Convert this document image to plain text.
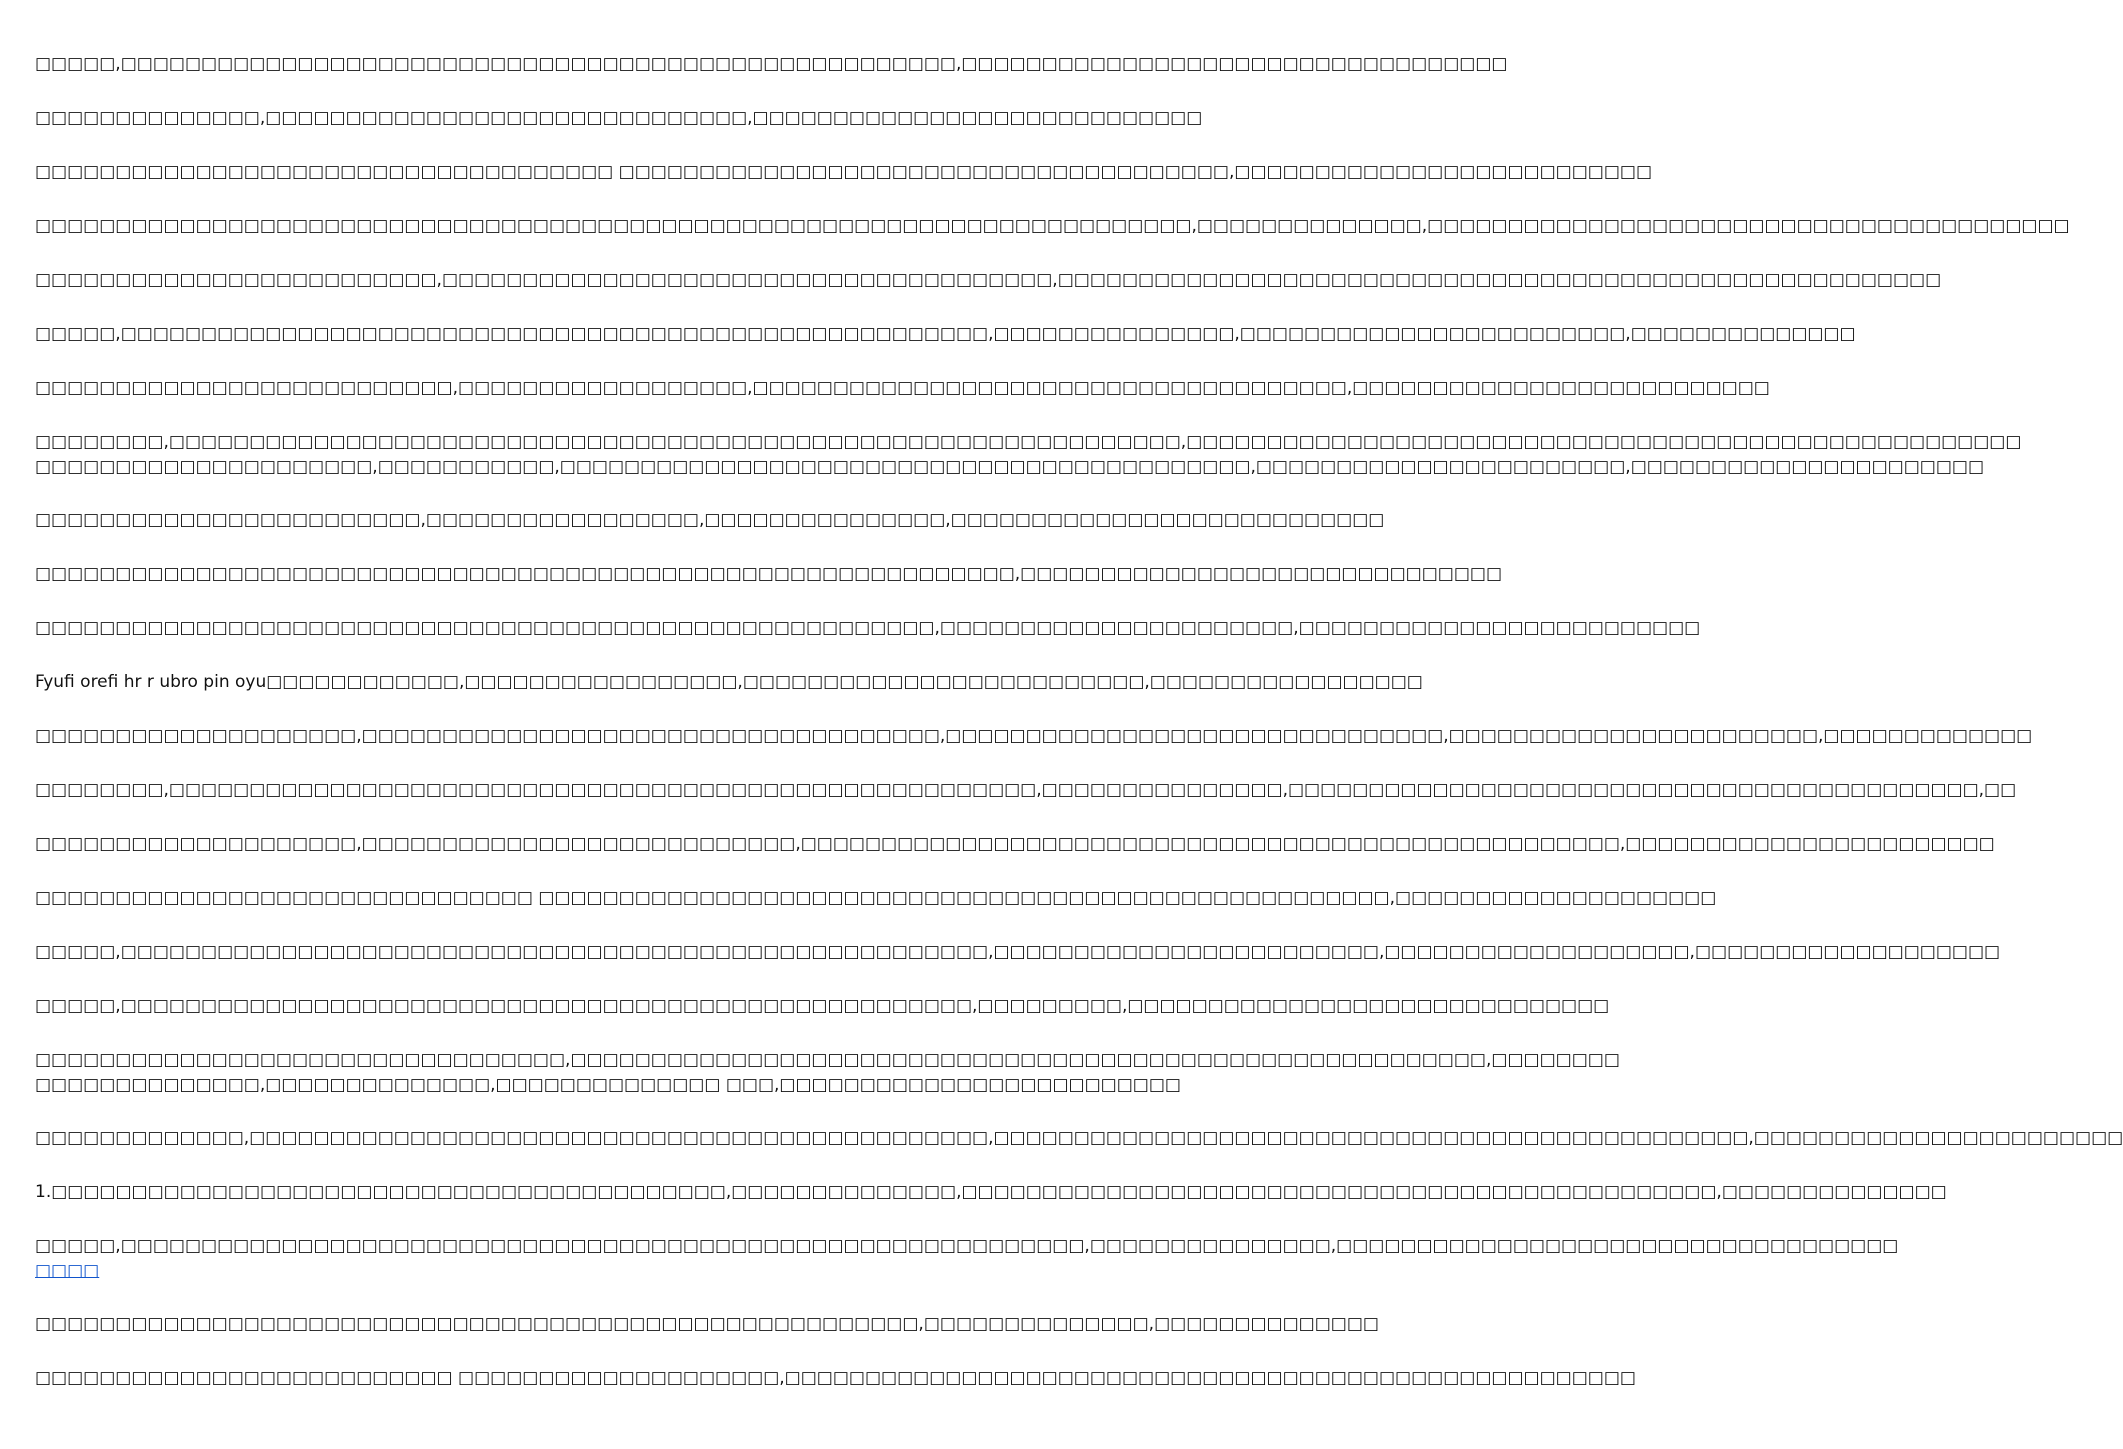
□□□□□,□□□□□□□□□□□□□□□□□□□□□□□□□□□□□□□□□□□□□□□□□□□□□□□□□□□□,□□□□□□□□□□□□□□□□□□□□□□□□□□□□□□□□□□

□□□□□□□□□□□□□□,□□□□□□□□□□□□□□□□□□□□□□□□□□□□□□,□□□□□□□□□□□□□□□□□□□□□□□□□□□□

□□□□□□□□□□□□□□□□□□□□□□□□□□□□□□□□□□□□ □□□□□□□□□□□□□□□□□□□□□□□□□□□□□□□□□□□□□□,□□□□□□□□□□□□□□□□□□□□□□□□□□

□□□□□□□□□□□□□□□□□□□□□□□□□□□□□□□□□□□□□□□□□□□□□□□□□□□□□□□□□□□□□□□□□□□□□□□□,□□□□□□□□□□□□□□,□□□□□□□□□□□□□□□□□□□□□□□□□□□□□□□□□□□□□□□□

□□□□□□□□□□□□□□□□□□□□□□□□□,□□□□□□□□□□□□□□□□□□□□□□□□□□□□□□□□□□□□□□,□□□□□□□□□□□□□□□□□□□□□□□□□□□□□□□□□□□□□□□□□□□□□□□□□□□□□□□

□□□□□,□□□□□□□□□□□□□□□□□□□□□□□□□□□□□□□□□□□□□□□□□□□□□□□□□□□□□□,□□□□□□□□□□□□□□□,□□□□□□□□□□□□□□□□□□□□□□□□,□□□□□□□□□□□□□□

□□□□□□□□□□□□□□□□□□□□□□□□□□,□□□□□□□□□□□□□□□□□□,□□□□□□□□□□□□□□□□□□□□□□□□□□□□□□□□□□□□□,□□□□□□□□□□□□□□□□□□□□□□□□□□

□□□□□□□□,□□□□□□□□□□□□□□□□□□□□□□□□□□□□□□□□□□□□□□□□□□□□□□□□□□□□□□□□□□□□□□□,□□□□□□□□□□□□□□□□□□□□□□□□□□□□□□□□□□□□□□□□□□□□□□□□□□□□
□□□□□□□□□□□□□□□□□□□□□,□□□□□□□□□□□,□□□□□□□□□□□□□□□□□□□□□□□□□□□□□□□□□□□□□□□□□□□,□□□□□□□□□□□□□□□□□□□□□□□,□□□□□□□□□□□□□□□□□□□□□□

□□□□□□□□□□□□□□□□□□□□□□□□,□□□□□□□□□□□□□□□□□,□□□□□□□□□□□□□□□,□□□□□□□□□□□□□□□□□□□□□□□□□□□

□□□□□□□□□□□□□□□□□□□□□□□□□□□□□□□□□□□□□□□□□□□□□□□□□□□□□□□□□□□□□,□□□□□□□□□□□□□□□□□□□□□□□□□□□□□□

□□□□□□□□□□□□□□□□□□□□□□□□□□□□□□□□□□□□□□□□□□□□□□□□□□□□□□□□,□□□□□□□□□□□□□□□□□□□□□□,□□□□□□□□□□□□□□□□□□□□□□□□□

Fyufi orefi hr r ubro pin oyu□□□□□□□□□□□□,□□□□□□□□□□□□□□□□□,□□□□□□□□□□□□□□□□□□□□□□□□□,□□□□□□□□□□□□□□□□□

□□□□□□□□□□□□□□□□□□□□,□□□□□□□□□□□□□□□□□□□□□□□□□□□□□□□□□□□□,□□□□□□□□□□□□□□□□□□□□□□□□□□□□□□□,□□□□□□□□□□□□□□□□□□□□□□□,□□□□□□□□□□□□□

□□□□□□□□,□□□□□□□□□□□□□□□□□□□□□□□□□□□□□□□□□□□□□□□□□□□□□□□□□□□□□□,□□□□□□□□□□□□□□□,□□□□□□□□□□□□□□□□□□□□□□□□□□□□□□□□□□□□□□□□□□□,□□

□□□□□□□□□□□□□□□□□□□□,□□□□□□□□□□□□□□□□□□□□□□□□□□□,□□□□□□□□□□□□□□□□□□□□□□□□□□□□□□□□□□□□□□□□□□□□□□□□□□□,□□□□□□□□□□□□□□□□□□□□□□□

□□□□□□□□□□□□□□□□□□□□□□□□□□□□□□□ □□□□□□□□□□□□□□□□□□□□□□□□□□□□□□□□□□□□□□□□□□□□□□□□□□□□□,□□□□□□□□□□□□□□□□□□□□

□□□□□,□□□□□□□□□□□□□□□□□□□□□□□□□□□□□□□□□□□□□□□□□□□□□□□□□□□□□□,□□□□□□□□□□□□□□□□□□□□□□□□,□□□□□□□□□□□□□□□□□□□,□□□□□□□□□□□□□□□□□□□

□□□□□,□□□□□□□□□□□□□□□□□□□□□□□□□□□□□□□□□□□□□□□□□□□□□□□□□□□□□,□□□□□□□□□,□□□□□□□□□□□□□□□□□□□□□□□□□□□□□□

□□□□□□□□□□□□□□□□□□□□□□□□□□□□□□□□□,□□□□□□□□□□□□□□□□□□□□□□□□□□□□□□□□□□□□□□□□□□□□□□□□□□□□□□□□□,□□□□□□□□
□□□□□□□□□□□□□□,□□□□□□□□□□□□□□,□□□□□□□□□□□□□□ □□□,□□□□□□□□□□□□□□□□□□□□□□□□□

□□□□□□□□□□□□□,□□□□□□□□□□□□□□□□□□□□□□□□□□□□□□□□□□□□□□□□□□□□□□,□□□□□□□□□□□□□□□□□□□□□□□□□□□□□□□□□□□□□□□□□□□□□□□,□□□□□□□□□□□□□□□□□□□□□□□

1.□□□□□□□□□□□□□□□□□□□□□□□□□□□□□□□□□□□□□□□□□□,□□□□□□□□□□□□□□,□□□□□□□□□□□□□□□□□□□□□□□□□□□□□□□□□□□□□□□□□□□□□□□,□□□□□□□□□□□□□□

□□□□□,□□□□□□□□□□□□□□□□□□□□□□□□□□□□□□□□□□□□□□□□□□□□□□□□□□□□□□□□□□□□,□□□□□□□□□□□□□□□,□□□□□□□□□□□□□□□□□□□□□□□□□□□□□□□□□□□
□□□□

□□□□□□□□□□□□□□□□□□□□□□□□□□□□□□□□□□□□□□□□□□□□□□□□□□□□□□□,□□□□□□□□□□□□□□,□□□□□□□□□□□□□□

□□□□□□□□□□□□□□□□□□□□□□□□□□ □□□□□□□□□□□□□□□□□□□□,□□□□□□□□□□□□□□□□□□□□□□□□□□□□□□□□□□□□□□□□□□□□□□□□□□□□□
